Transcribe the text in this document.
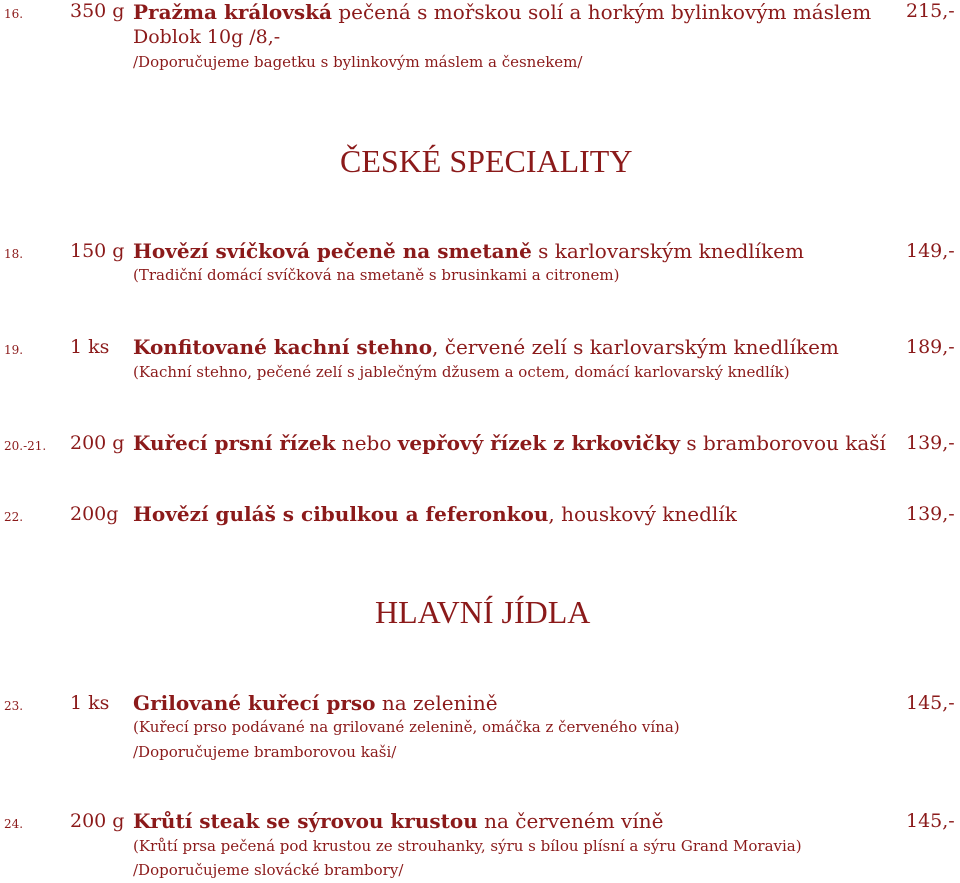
16. 350 g Pražma královská pečená s mořskou solí a horkým bylinkovým máslem
Doblok 10g /8,-
/Doporučujeme bagetku s bylinkovým máslem a česnekem/
215,-
ČESKÉ SPECIALITY
18. 150 g Hovězí svíčková pečeně na smetaně s karlovarským knedlíkem
(Tradiční domácí svíčková na smetaně s brusinkami a citronem)
149,-
19. 1 ks Konfitované kachní stehno, červené zelí s karlovarským knedlíkem
(Kachní stehno, pečené zelí s jablečným džusem a octem, domácí karlovarský knedlík)
189,-
20.-21. 200 g Kuřecí prsní řízek nebo vepřový řízek z krkovičky s bramborovou kaší 139,-
22. 200g Hovězí guláš s cibulkou a feferonkou, houskový knedlík	139,-
HLAVNÍ JÍDLA
23. 1 ks Grilované kuřecí prso na zelenině
(Kuřecí prso podávané na grilované zelenině, omáčka z červeného vína)
/Doporučujeme bramborovou kaši/
145,-
24. 200 g Krůtí steak se sýrovou krustou na červeném víně
(Krůtí prsa pečená pod krustou ze strouhanky, sýru s bílou plísní a sýru Grand Moravia)
/Doporučujeme slovácké brambory/
145,-
